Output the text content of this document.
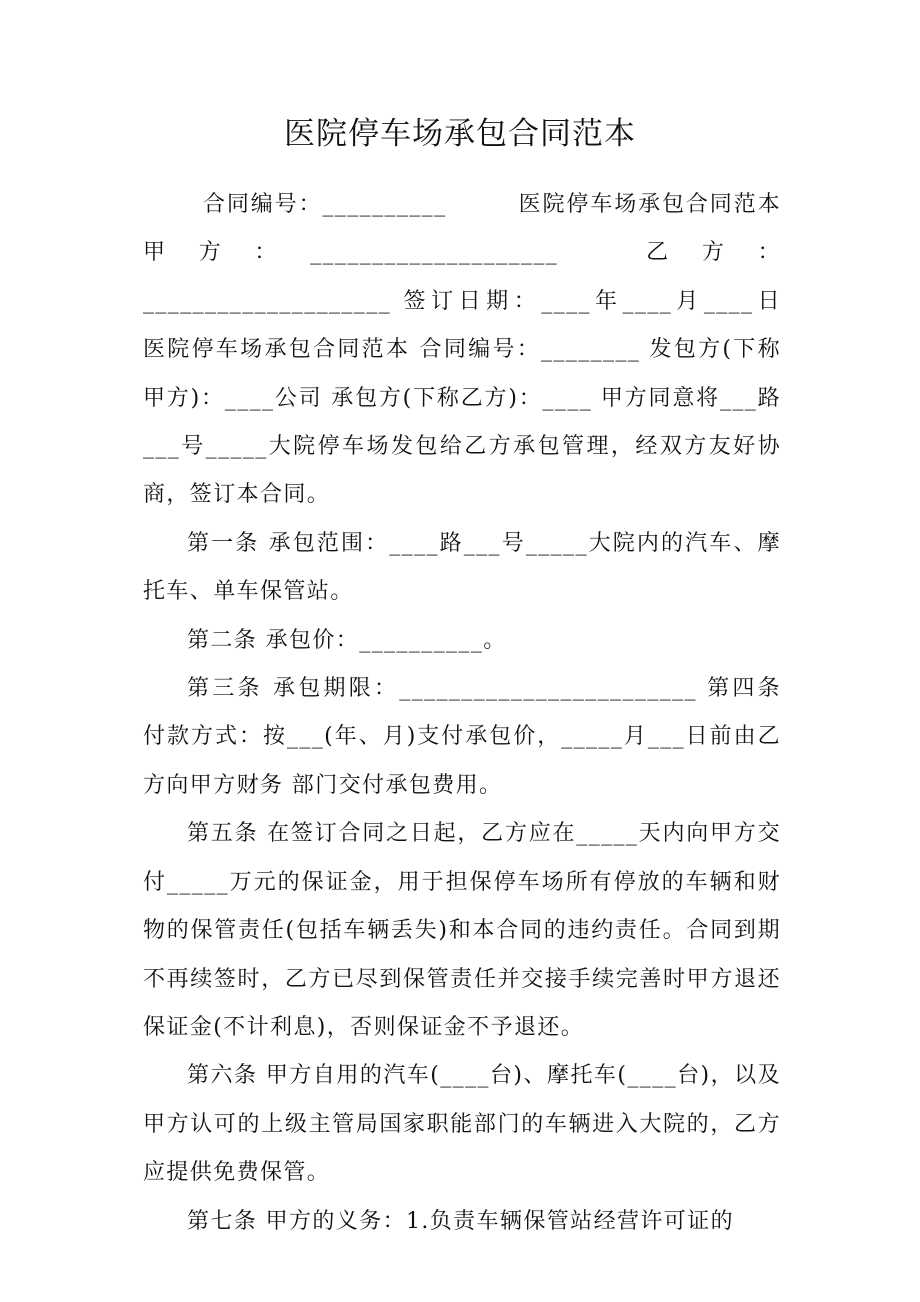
医院停车场承包合同范本

合同编号：__________　　　医院停车场承包合同范本 甲方：____________________　乙方：____________________ 签订日期：____年____月____日　　　　医院停车场承包合同范本 合同编号：________ 发包方(下称甲方)：____公司 承包方(下称乙方)：____ 甲方同意将___路___号_____大院停车场发包给乙方承包管理，经双方友好协商，签订本合同。

第一条 承包范围：____路___号_____大院内的汽车、摩托车、单车保管站。

第二条 承包价：__________。

第三条 承包期限：________________________ 第四条 付款方式：按___(年、月)支付承包价，_____月___日前由乙方向甲方财务 部门交付承包费用。

第五条 在签订合同之日起，乙方应在_____天内向甲方交付_____万元的保证金，用于担保停车场所有停放的车辆和财物的保管责任(包括车辆丢失)和本合同的违约责任。合同到期不再续签时，乙方已尽到保管责任并交接手续完善时甲方退还保证金(不计利息)，否则保证金不予退还。

第六条 甲方自用的汽车(____台)、摩托车(____台)，以及甲方认可的上级主管局国家职能部门的车辆进入大院的，乙方应提供免费保管。

第七条 甲方的义务：1.负责车辆保管站经营许可证的
